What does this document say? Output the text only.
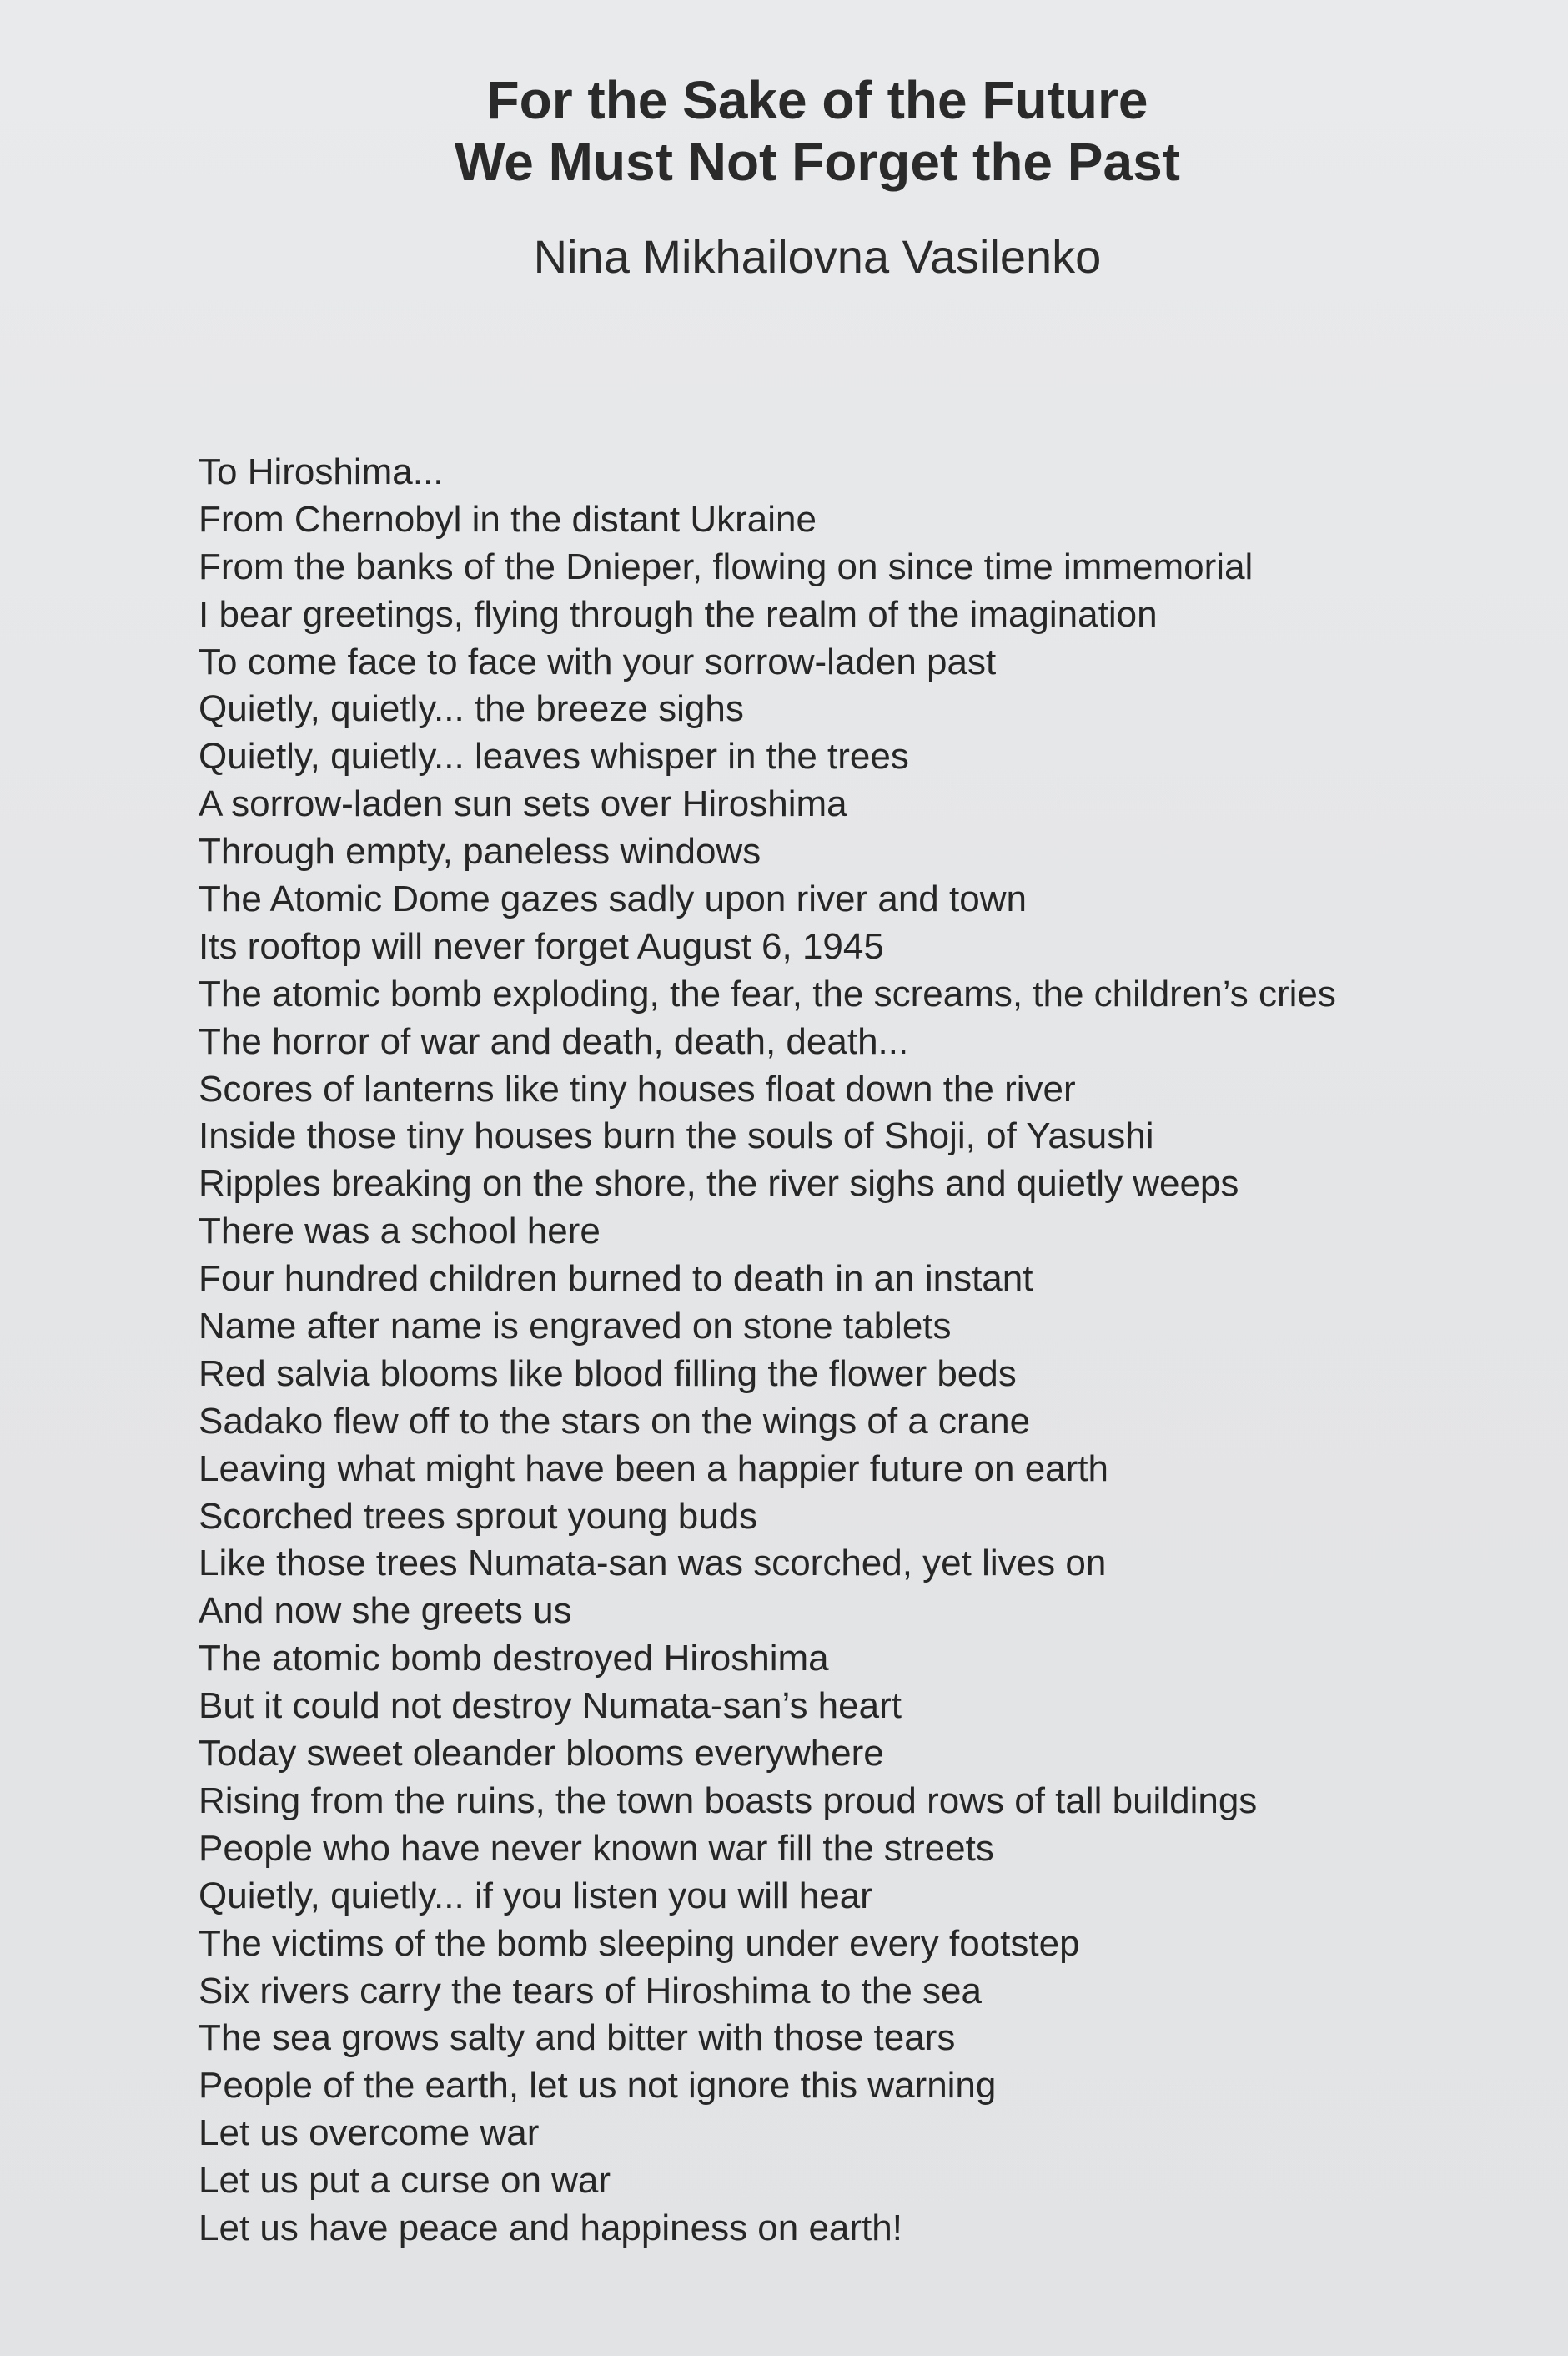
For the Sake of the Future
We Must Not Forget the Past

Nina Mikhailovna Vasilenko

To Hiroshima...
From Chernobyl in the distant Ukraine
From the banks of the Dnieper, flowing on since time immemorial
I bear greetings, flying through the realm of the imagination
To come face to face with your sorrow-laden past
Quietly, quietly... the breeze sighs
Quietly, quietly... leaves whisper in the trees
A sorrow-laden sun sets over Hiroshima
Through empty, paneless windows
The Atomic Dome gazes sadly upon river and town
Its rooftop will never forget August 6, 1945
The atomic bomb exploding, the fear, the screams, the children’s cries
The horror of war and death, death, death...
Scores of lanterns like tiny houses float down the river
Inside those tiny houses burn the souls of Shoji, of Yasushi
Ripples breaking on the shore, the river sighs and quietly weeps
There was a school here
Four hundred children burned to death in an instant
Name after name is engraved on stone tablets
Red salvia blooms like blood filling the flower beds
Sadako flew off to the stars on the wings of a crane
Leaving what might have been a happier future on earth
Scorched trees sprout young buds
Like those trees Numata-san was scorched, yet lives on
And now she greets us
The atomic bomb destroyed Hiroshima
But it could not destroy Numata-san’s heart
Today sweet oleander blooms everywhere
Rising from the ruins, the town boasts proud rows of tall buildings
People who have never known war fill the streets
Quietly, quietly... if you listen you will hear
The victims of the bomb sleeping under every footstep
Six rivers carry the tears of Hiroshima to the sea
The sea grows salty and bitter with those tears
People of the earth, let us not ignore this warning
Let us overcome war
Let us put a curse on war
Let us have peace and happiness on earth!
